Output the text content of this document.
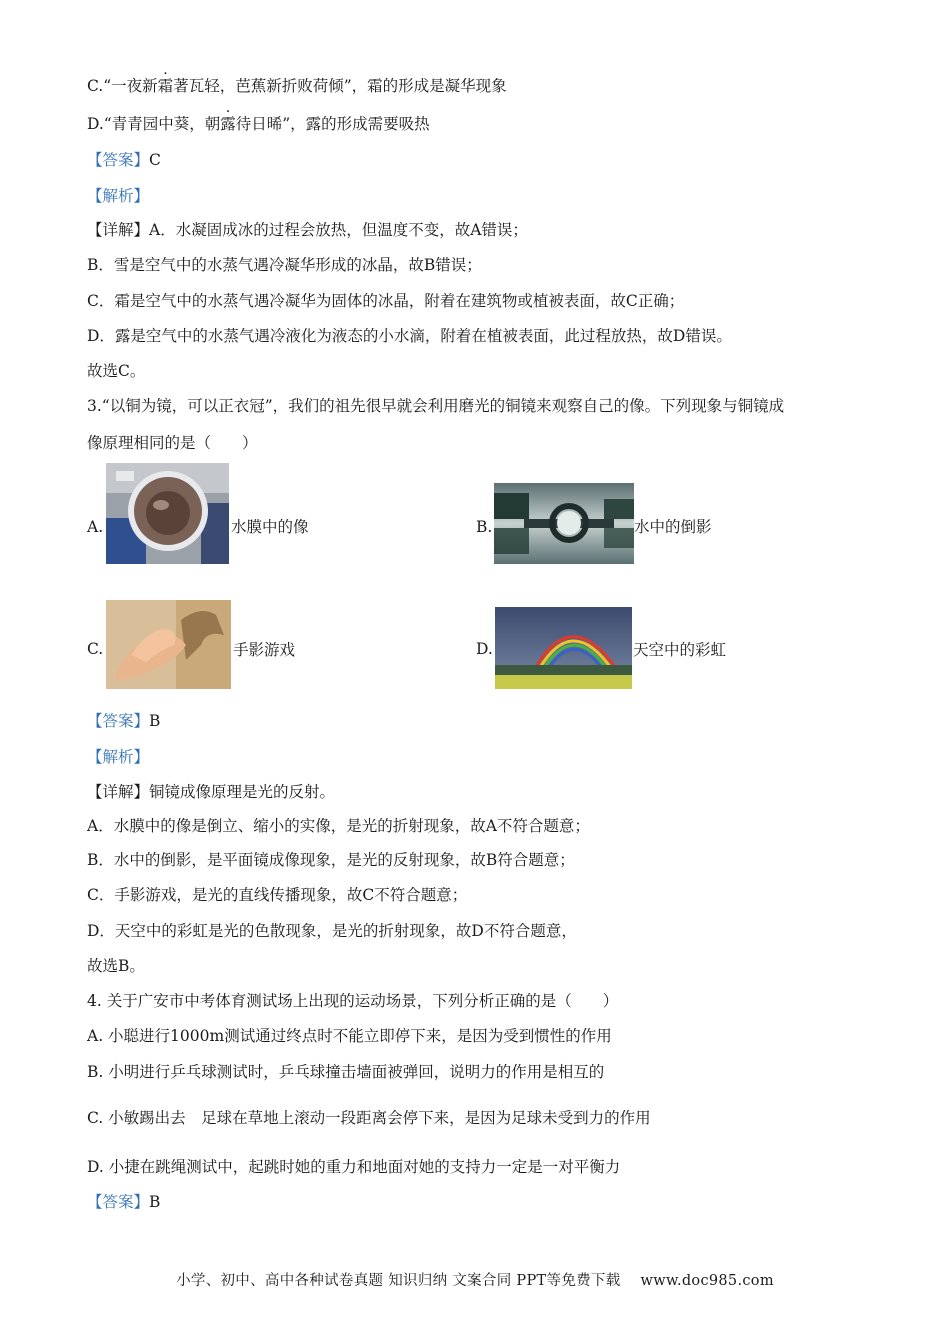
C.“一夜新霜著瓦轻，芭蕉新折败荷倾”，霜的形成是凝华现象
D.“青青园中葵，朝露待日晞”，露的形成需要吸热
【答案】C
【解析】
【详解】A．水凝固成冰的过程会放热，但温度不变，故A错误；
B．雪是空气中的水蒸气遇冷凝华形成的冰晶，故B错误；
C．霜是空气中的水蒸气遇冷凝华为固体的冰晶，附着在建筑物或植被表面，故C正确；
D．露是空气中的水蒸气遇冷液化为液态的小水滴，附着在植被表面，此过程放热，故D错误。
故选C。
3.“以铜为镜，可以正衣冠”，我们的祖先很早就会利用磨光的铜镜来观察自己的像。下列现象与铜镜成
像原理相同的是（　　）
A.	水膜中的像	B.	水中的倒影
C.	手影游戏	D.	天空中的彩虹
【答案】B
【解析】
【详解】铜镜成像原理是光的反射。
A．水膜中的像是倒立、缩小的实像，是光的折射现象，故A不符合题意；
B．水中的倒影，是平面镜成像现象，是光的反射现象，故B符合题意；
C．手影游戏，是光的直线传播现象，故C不符合题意；
D．天空中的彩虹是光的色散现象，是光的折射现象，故D不符合题意，
故选B。
4. 关于广安市中考体育测试场上出现的运动场景，下列分析正确的是（　　）
A. 小聪进行1000m测试通过终点时不能立即停下来，是因为受到惯性的作用
B. 小明进行乒乓球测试时，乒乓球撞击墙面被弹回，说明力的作用是相互的
C. 小敏踢出去　足球在草地上滚动一段距离会停下来，是因为足球未受到力的作用
D. 小捷在跳绳测试中，起跳时她的重力和地面对她的支持力一定是一对平衡力
【答案】B
小学、初中、高中各种试卷真题 知识归纳 文案合同 PPT等免费下载 www.doc985.com
